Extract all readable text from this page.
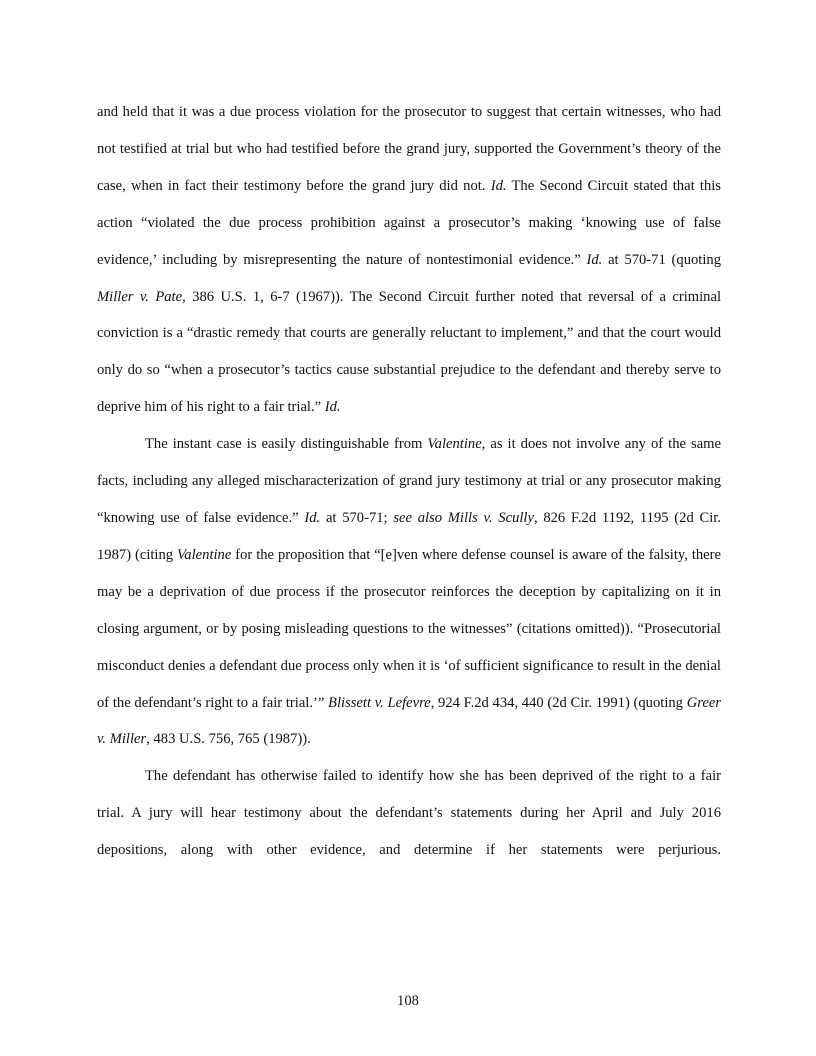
and held that it was a due process violation for the prosecutor to suggest that certain witnesses, who had not testified at trial but who had testified before the grand jury, supported the Government’s theory of the case, when in fact their testimony before the grand jury did not. Id. The Second Circuit stated that this action “violated the due process prohibition against a prosecutor’s making ‘knowing use of false evidence,’ including by misrepresenting the nature of nontestimonial evidence.” Id. at 570-71 (quoting Miller v. Pate, 386 U.S. 1, 6-7 (1967)). The Second Circuit further noted that reversal of a criminal conviction is a “drastic remedy that courts are generally reluctant to implement,” and that the court would only do so “when a prosecutor’s tactics cause substantial prejudice to the defendant and thereby serve to deprive him of his right to a fair trial.” Id.

The instant case is easily distinguishable from Valentine, as it does not involve any of the same facts, including any alleged mischaracterization of grand jury testimony at trial or any prosecutor making “knowing use of false evidence.” Id. at 570-71; see also Mills v. Scully, 826 F.2d 1192, 1195 (2d Cir. 1987) (citing Valentine for the proposition that “[e]ven where defense counsel is aware of the falsity, there may be a deprivation of due process if the prosecutor reinforces the deception by capitalizing on it in closing argument, or by posing misleading questions to the witnesses” (citations omitted)). “Prosecutorial misconduct denies a defendant due process only when it is ‘of sufficient significance to result in the denial of the defendant’s right to a fair trial.’” Blissett v. Lefevre, 924 F.2d 434, 440 (2d Cir. 1991) (quoting Greer v. Miller, 483 U.S. 756, 765 (1987)).

The defendant has otherwise failed to identify how she has been deprived of the right to a fair trial. A jury will hear testimony about the defendant’s statements during her April and July 2016 depositions, along with other evidence, and determine if her statements were perjurious.

108
